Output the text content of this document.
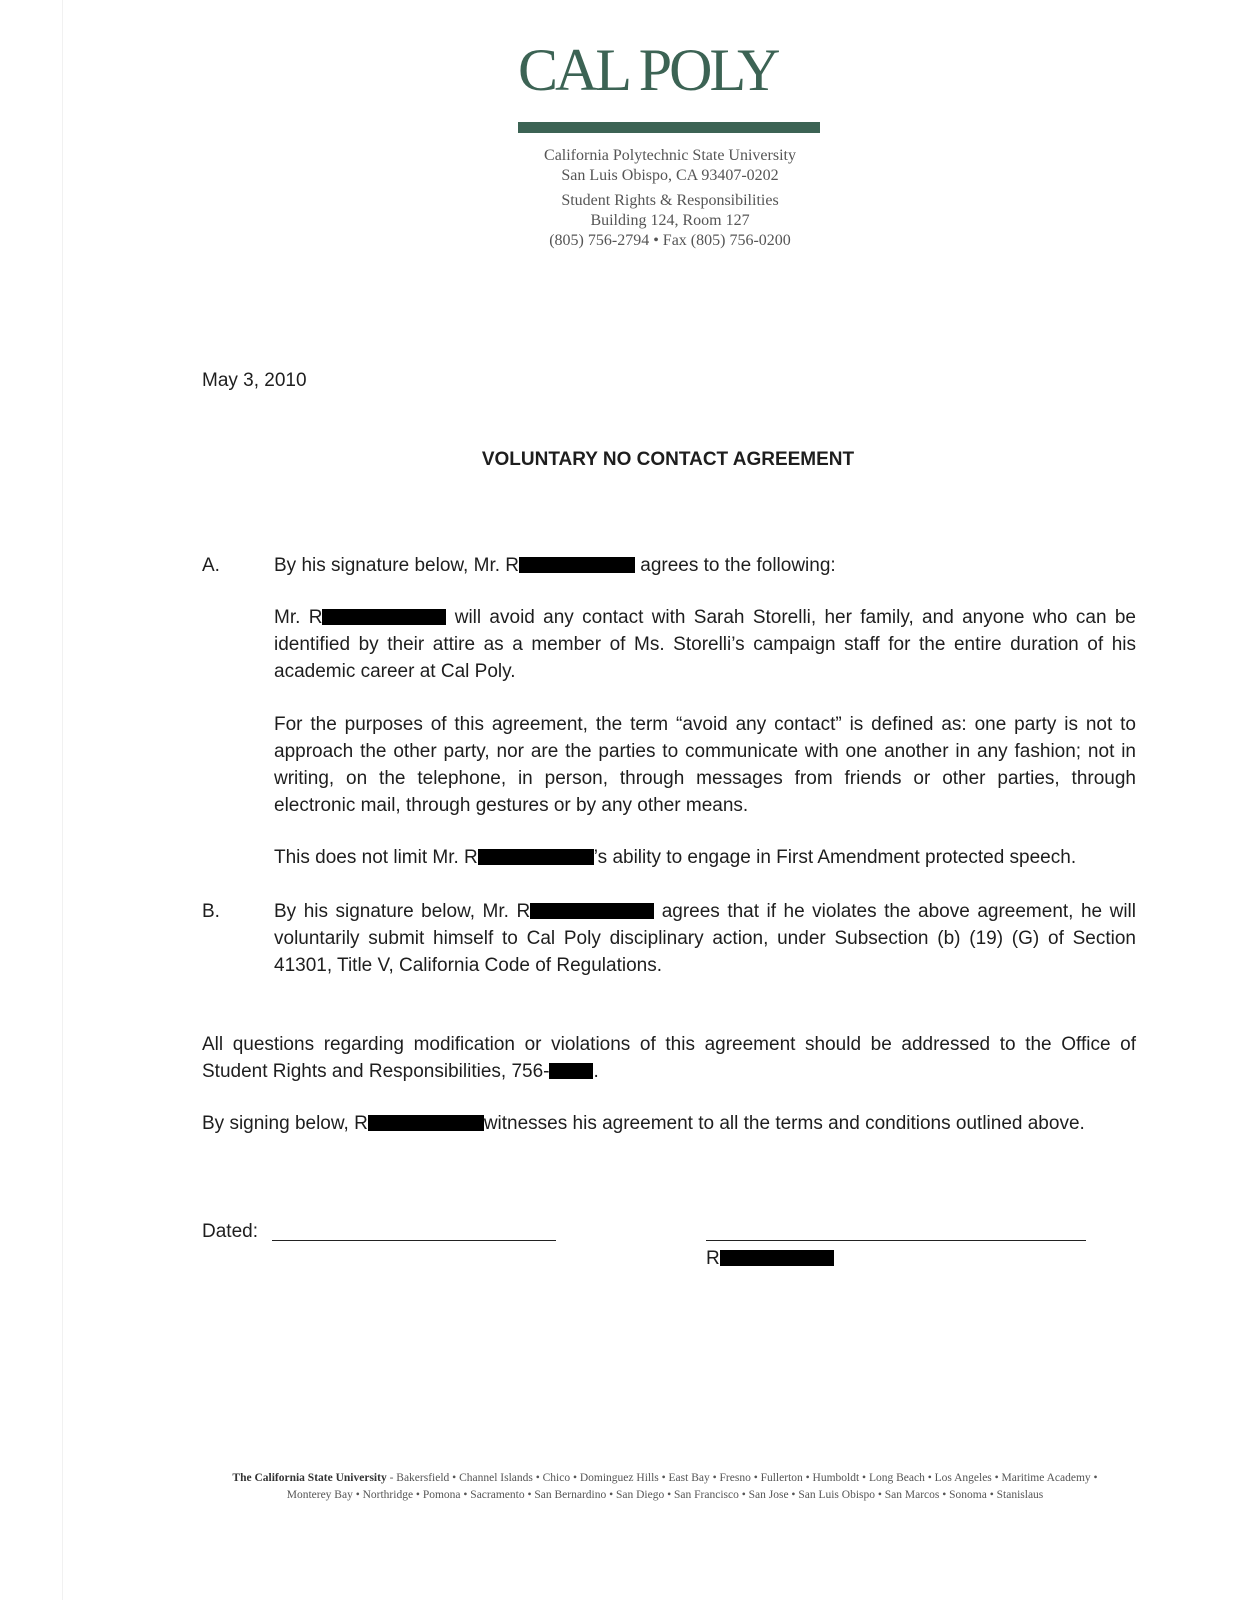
CAL POLY
California Polytechnic State University
San Luis Obispo, CA 93407-0202
Student Rights & Responsibilities
Building 124, Room 127
(805) 756-2794 • Fax (805) 756-0200
May 3, 2010
VOLUNTARY NO CONTACT AGREEMENT
A.	By his signature below, Mr. R	agrees to the following:
Mr. R	will avoid any contact with Sarah Storelli, her family, and anyone who can be identified by their attire as a member of Ms. Storelli’s campaign staff for the entire duration of his academic career at Cal Poly.
For the purposes of this agreement, the term “avoid any contact” is defined as: one party is not to approach the other party, nor are the parties to communicate with one another in any fashion; not in writing, on the telephone, in person, through messages from friends or other parties, through electronic mail, through gestures or by any other means.
This does not limit Mr. R	’s ability to engage in First Amendment protected speech.
B.	By his signature below, Mr. R	agrees that if he violates the above agreement, he will voluntarily submit himself to Cal Poly disciplinary action, under Subsection (b) (19) (G) of Section 41301, Title V, California Code of Regulations.
All questions regarding modification or violations of this agreement should be addressed to the Office of Student Rights and Responsibilities, 756- .
By signing below, R	witnesses his agreement to all the terms and conditions outlined above.
Dated:
R
The California State University - Bakersfield • Channel Islands • Chico • Dominguez Hills • East Bay • Fresno • Fullerton • Humboldt • Long Beach • Los Angeles • Maritime Academy •
Monterey Bay • Northridge • Pomona • Sacramento • San Bernardino • San Diego • San Francisco • San Jose • San Luis Obispo • San Marcos • Sonoma • Stanislaus
